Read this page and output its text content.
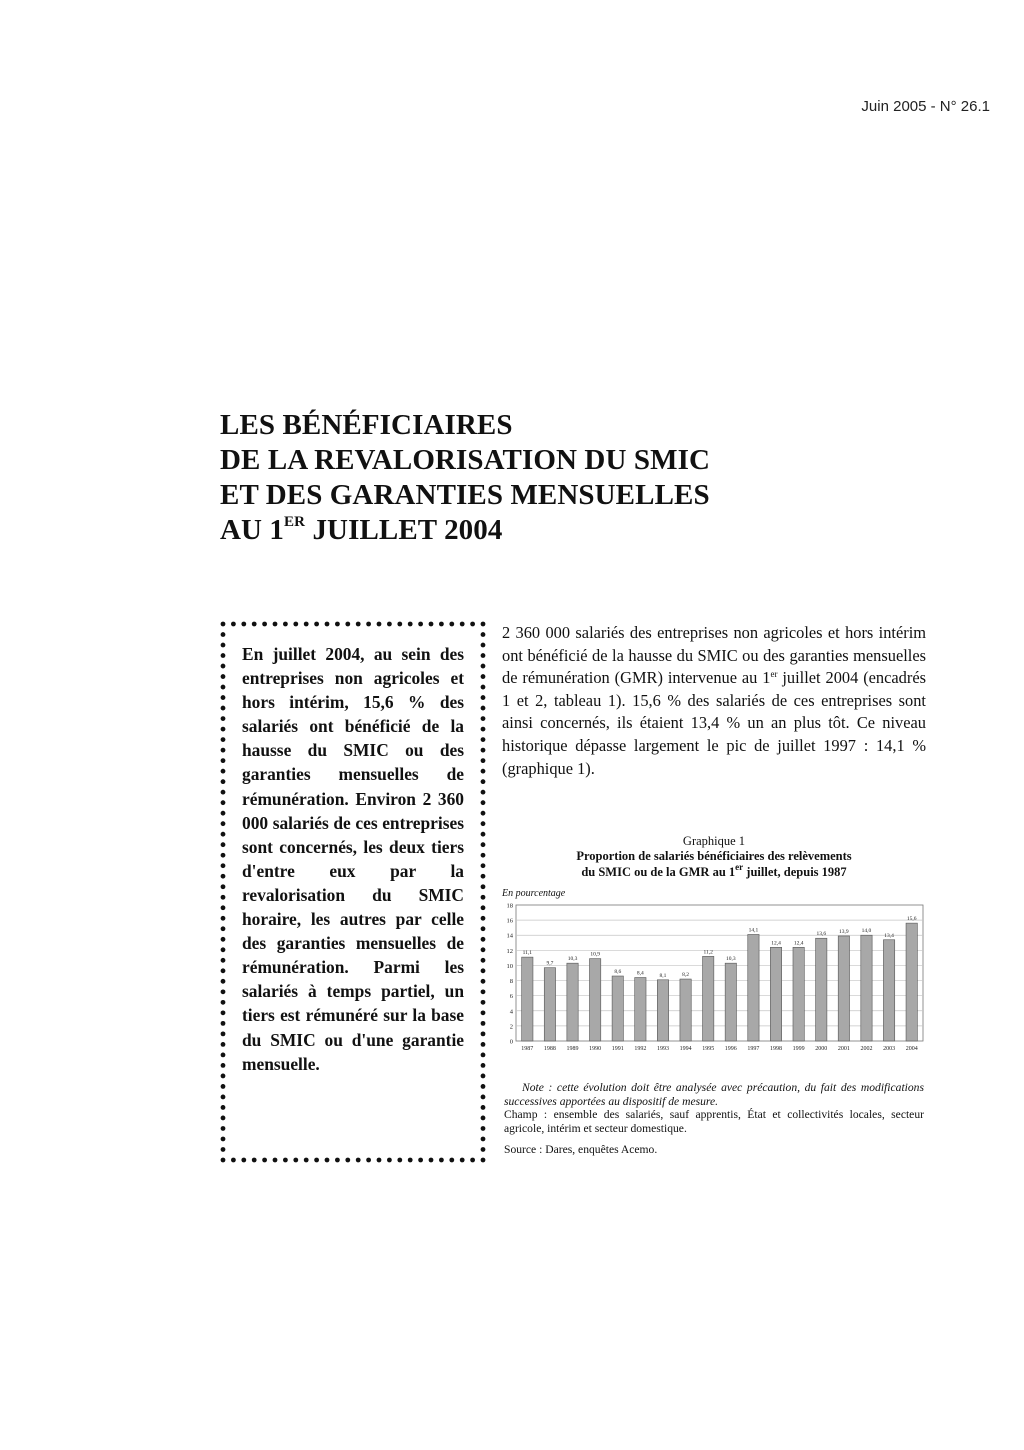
Juin 2005 - N° 26.1
LES BÉNÉFICIAIRES
DE LA REVALORISATION DU SMIC
ET DES GARANTIES MENSUELLES
AU 1ER JUILLET 2004

En juillet 2004, au sein des entreprises non agricoles et hors intérim, 15,6 % des salariés ont bénéficié de la hausse du SMIC ou des garanties mensuelles de rémunération. Environ 2 360 000 salariés de ces entreprises sont concernés, les deux tiers d'entre eux par la revalorisation du SMIC horaire, les autres par celle des garanties mensuelles de rémunération. Parmi les salariés à temps partiel, un tiers est rémunéré sur la base du SMIC ou d'une garantie mensuelle.

2 360 000 salariés des entreprises non agricoles et hors intérim ont bénéficié de la hausse du SMIC ou des garanties mensuelles de rémunération (GMR) intervenue au 1er juillet 2004 (encadrés 1 et 2, tableau 1). 15,6 % des salariés de ces entreprises sont ainsi concernés, ils étaient 13,4 % un an plus tôt. Ce niveau historique dépasse largement le pic de juillet 1997 : 14,1 % (graphique 1).

Graphique 1

Proportion de salariés bénéficiaires des relèvements
du SMIC ou de la GMR au 1er juillet, depuis 1987

En pourcentage

0
2
4
6
8
10
12
14
16
18
11,1
1987
9,7
1988
10,3
1989
10,9
1990
8,6
1991
8,4
1992
8,1
1993
8,2
1994
11,2
1995
10,3
1996
14,1
1997
12,4
1998
12,4
1999
13,6
2000
13,9
2001
14,0
2002
13,4
2003
15,6
2004

Note : cette évolution doit être analysée avec précaution, du fait des modifications successives apportées au dispositif de mesure.

Champ : ensemble des salariés, sauf apprentis, État et collectivités locales, secteur agricole, intérim et secteur domestique.

Source : Dares, enquêtes Acemo.
